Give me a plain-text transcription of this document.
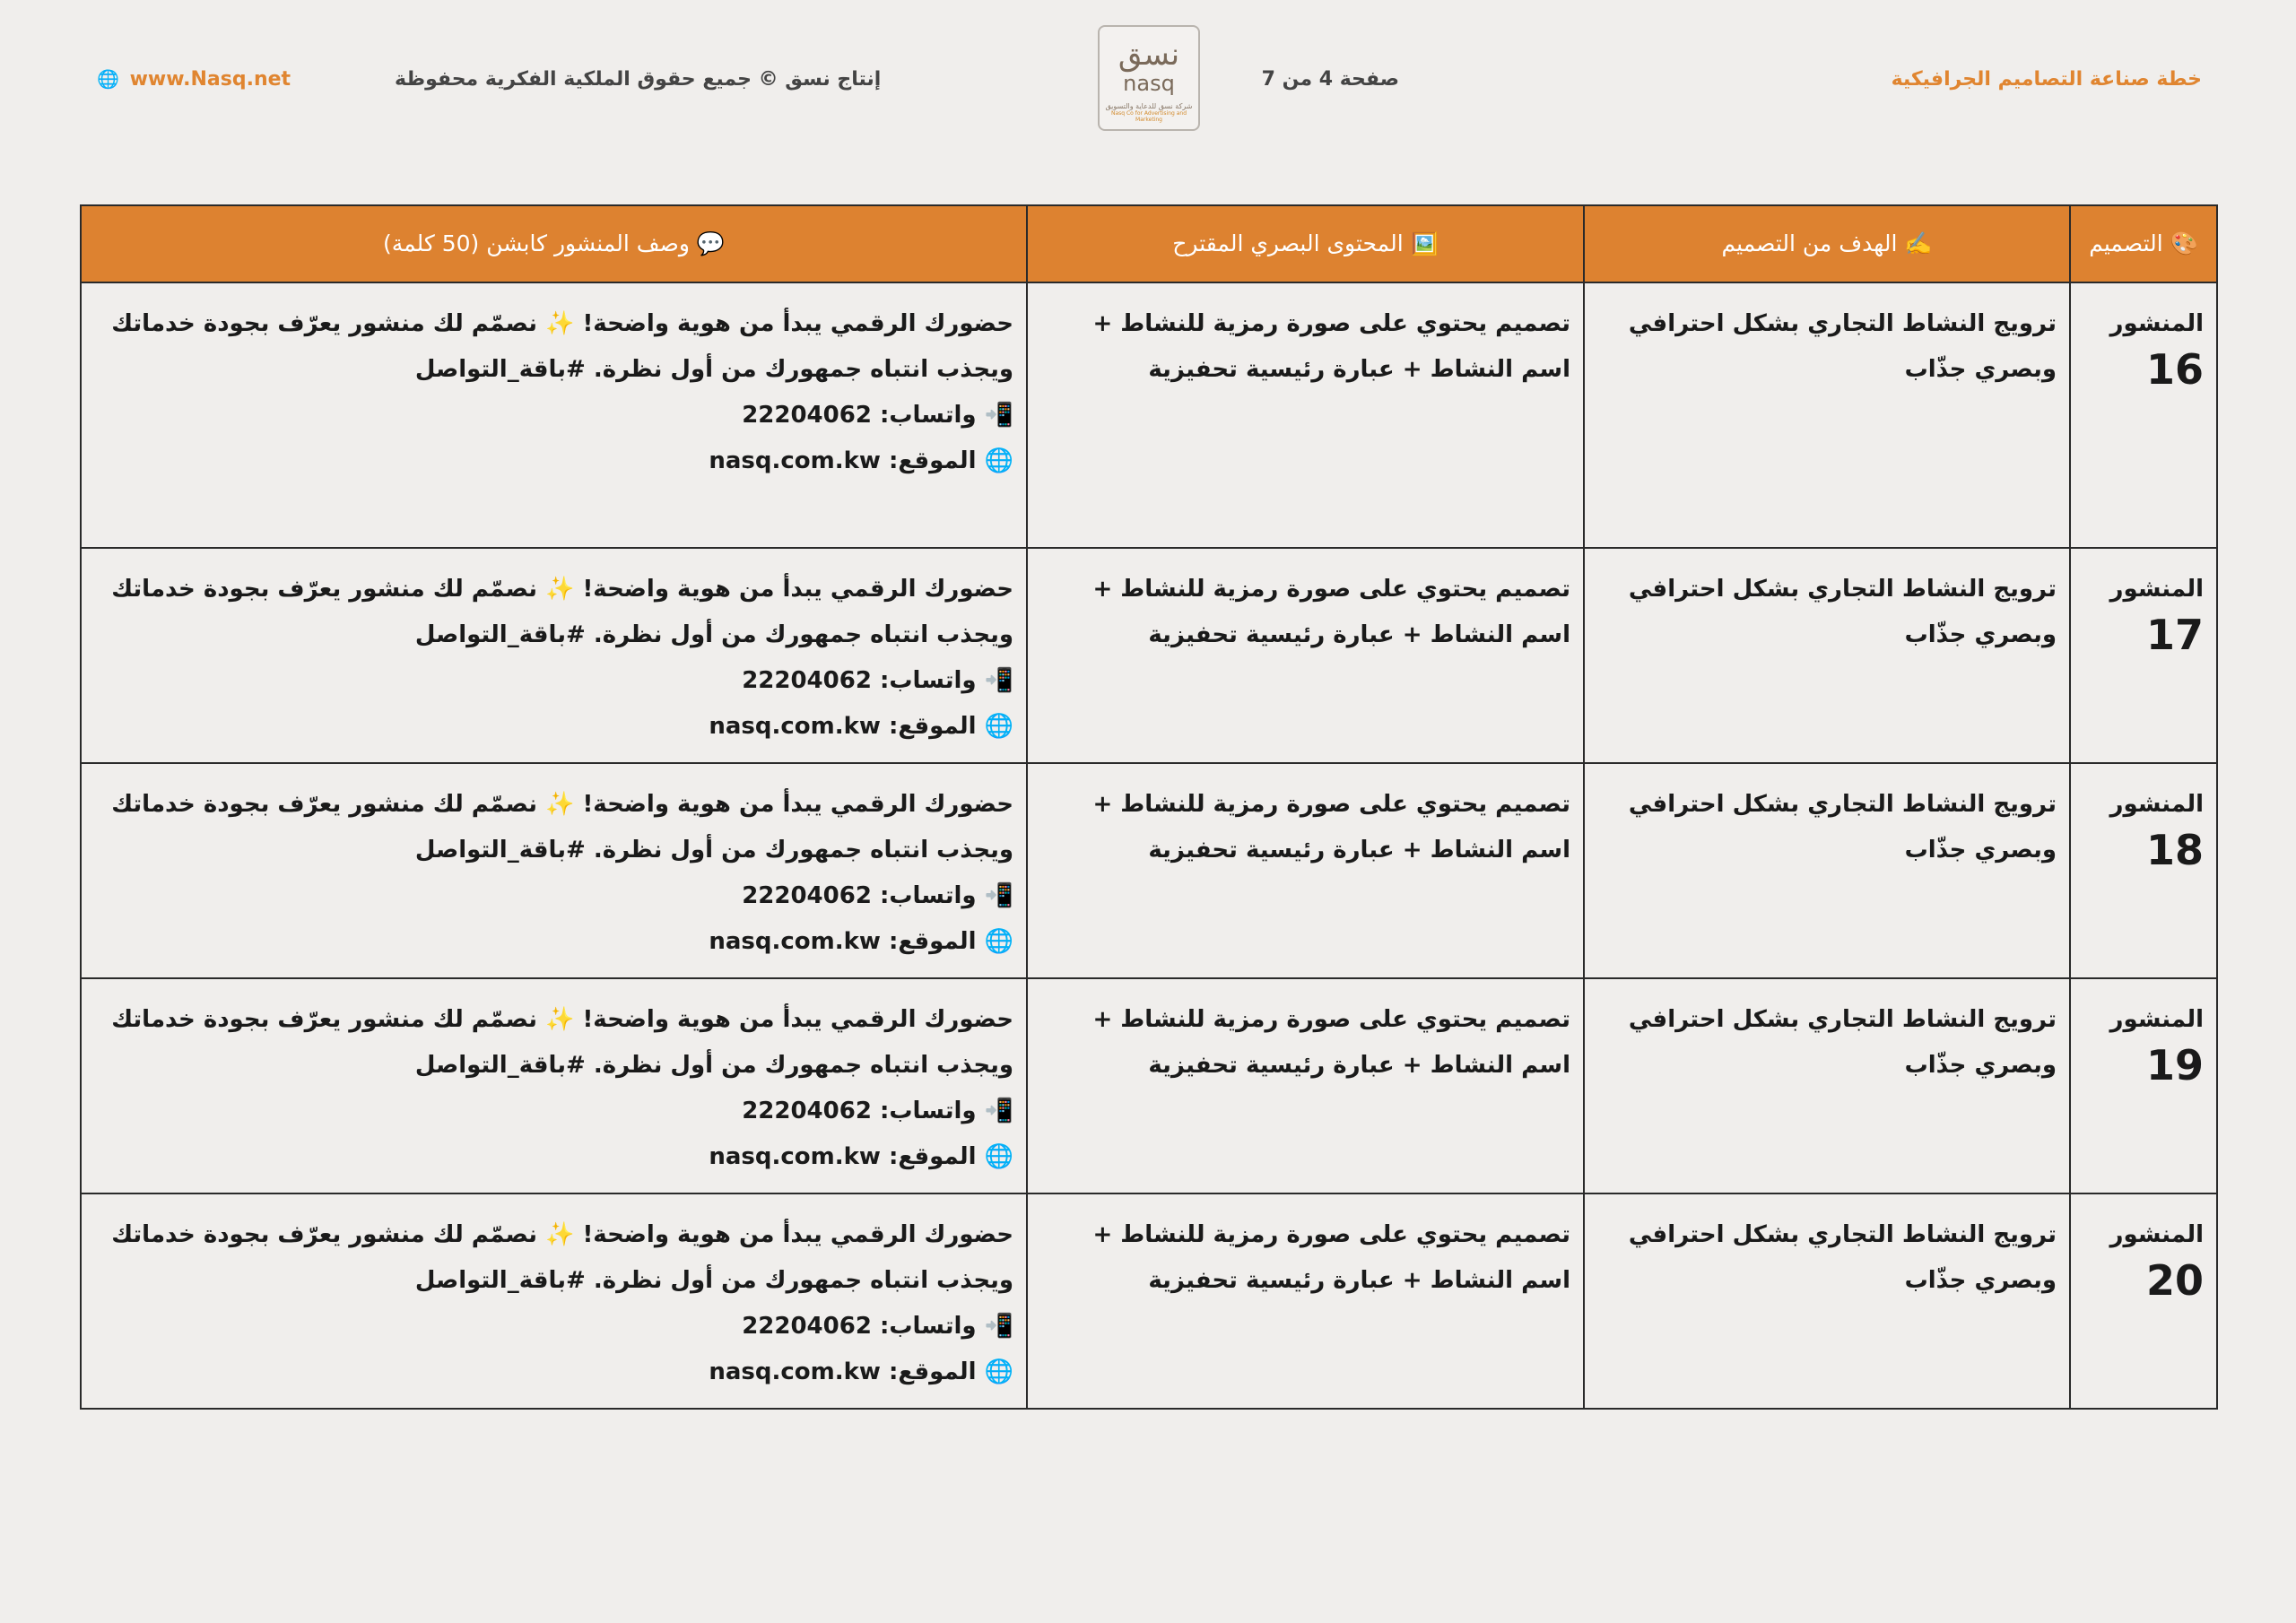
خطة صناعة التصاميم الجرافيكية
صفحة 4 من 7
نسق
nasq
شركة نسق للدعاية والتسويق
Nasq Co for Advertising and Marketing
إنتاج نسق © جميع حقوق الملكية الفكرية محفوظة
🌐 www.Nasq.net
🎨 التصميم	✍️ الهدف من التصميم	🖼️ المحتوى البصري المقترح	💬 وصف المنشور كابشن (50 كلمة)

المنشور
16	ترويج النشاط التجاري بشكل احترافي وبصري جذّاب	تصميم يحتوي على صورة رمزية للنشاط + اسم النشاط + عبارة رئيسية تحفيزية	حضورك الرقمي يبدأ من هوية واضحة! ✨ نصمّم لك منشور يعرّف بجودة خدماتك
ويجذب انتباه جمهورك من أول نظرة. #باقة_التواصل
📲 واتساب: 22204062
🌐 الموقع: nasq.com.kw

المنشور
17	ترويج النشاط التجاري بشكل احترافي وبصري جذّاب	تصميم يحتوي على صورة رمزية للنشاط + اسم النشاط + عبارة رئيسية تحفيزية	حضورك الرقمي يبدأ من هوية واضحة! ✨ نصمّم لك منشور يعرّف بجودة خدماتك
ويجذب انتباه جمهورك من أول نظرة. #باقة_التواصل
📲 واتساب: 22204062
🌐 الموقع: nasq.com.kw

المنشور
18	ترويج النشاط التجاري بشكل احترافي وبصري جذّاب	تصميم يحتوي على صورة رمزية للنشاط + اسم النشاط + عبارة رئيسية تحفيزية	حضورك الرقمي يبدأ من هوية واضحة! ✨ نصمّم لك منشور يعرّف بجودة خدماتك
ويجذب انتباه جمهورك من أول نظرة. #باقة_التواصل
📲 واتساب: 22204062
🌐 الموقع: nasq.com.kw

المنشور
19	ترويج النشاط التجاري بشكل احترافي وبصري جذّاب	تصميم يحتوي على صورة رمزية للنشاط + اسم النشاط + عبارة رئيسية تحفيزية	حضورك الرقمي يبدأ من هوية واضحة! ✨ نصمّم لك منشور يعرّف بجودة خدماتك
ويجذب انتباه جمهورك من أول نظرة. #باقة_التواصل
📲 واتساب: 22204062
🌐 الموقع: nasq.com.kw

المنشور
20	ترويج النشاط التجاري بشكل احترافي وبصري جذّاب	تصميم يحتوي على صورة رمزية للنشاط + اسم النشاط + عبارة رئيسية تحفيزية	حضورك الرقمي يبدأ من هوية واضحة! ✨ نصمّم لك منشور يعرّف بجودة خدماتك
ويجذب انتباه جمهورك من أول نظرة. #باقة_التواصل
📲 واتساب: 22204062
🌐 الموقع: nasq.com.kw
